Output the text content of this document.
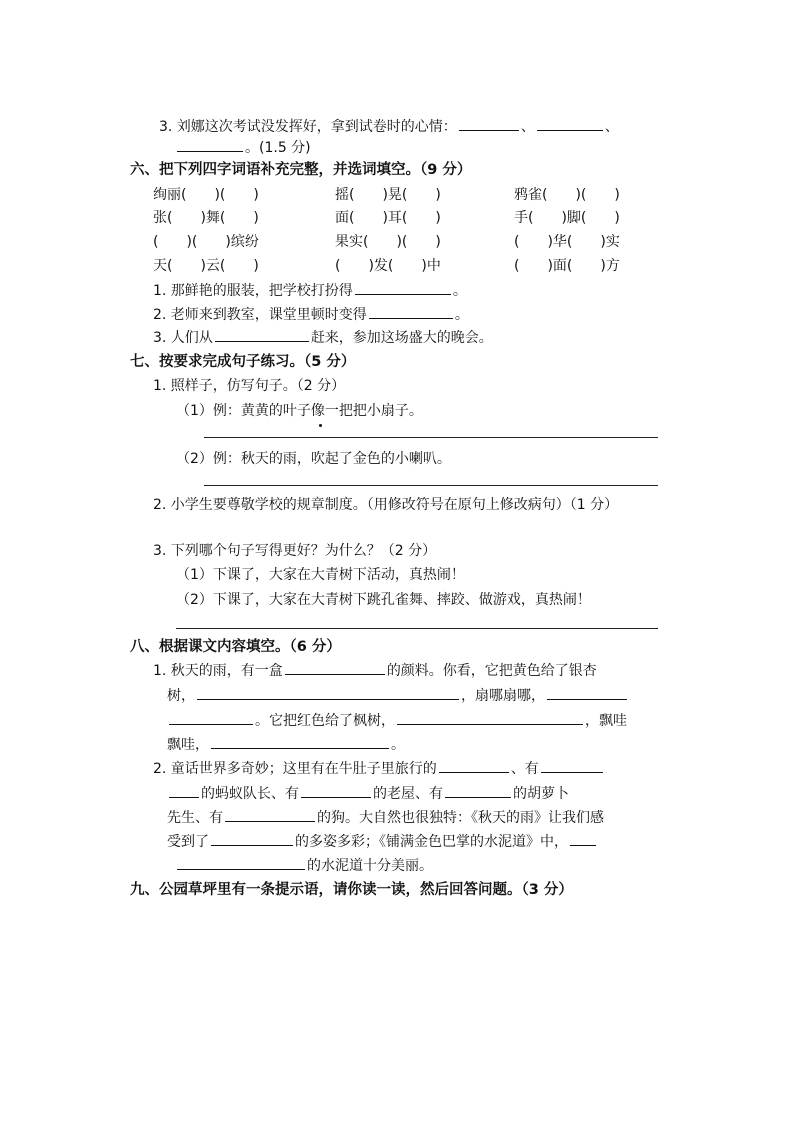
3. 刘娜这次考试没发挥好，拿到试卷时的心情：	、	、
。(1.5 分)
六、把下列四字词语补充完整，并选词填空。（9 分）
绚丽(　　)(　　)	摇(　　)晃(　　)	鸦雀(　　)(　　)
张(　　)舞(　　)	面(　　)耳(　　)	手(　　)脚(　　)
(　　)(　　)缤纷	果实(　　)(　　)	(　　)华(　　)实
天(　　)云(　　)	(　　)发(　　)中	(　　)面(　　)方
1. 那鲜艳的服装，把学校打扮得	。
2. 老师来到教室，课堂里顿时变得	。
3. 人们从	赶来，参加这场盛大的晚会。
七、按要求完成句子练习。（5 分）
1. 照样子，仿写句子。（2 分）
（1）例：黄黄的叶子像一把把小扇子。
（2）例：秋天的雨，吹起了金色的小喇叭。
2. 小学生要尊敬学校的规章制度。（用修改符号在原句上修改病句）（1 分）
3. 下列哪个句子写得更好？为什么？（2 分）
（1）下课了，大家在大青树下活动，真热闹！
（2）下课了，大家在大青树下跳孔雀舞、摔跤、做游戏，真热闹！
八、根据课文内容填空。（6 分）
1. 秋天的雨，有一盒	的颜料。你看，它把黄色给了银杏
树，	，扇哪扇哪，
。它把红色给了枫树，	，飘哇
飘哇，	。
2. 童话世界多奇妙；这里有在牛肚子里旅行的	、有
的蚂蚁队长、有	的老屋、有	的胡萝卜
先生、有	的狗。大自然也很独特：《秋天的雨》让我们感
受到了	的多姿多彩；《铺满金色巴掌的水泥道》中，
的水泥道十分美丽。
九、公园草坪里有一条提示语，请你读一读，然后回答问题。（3 分）
